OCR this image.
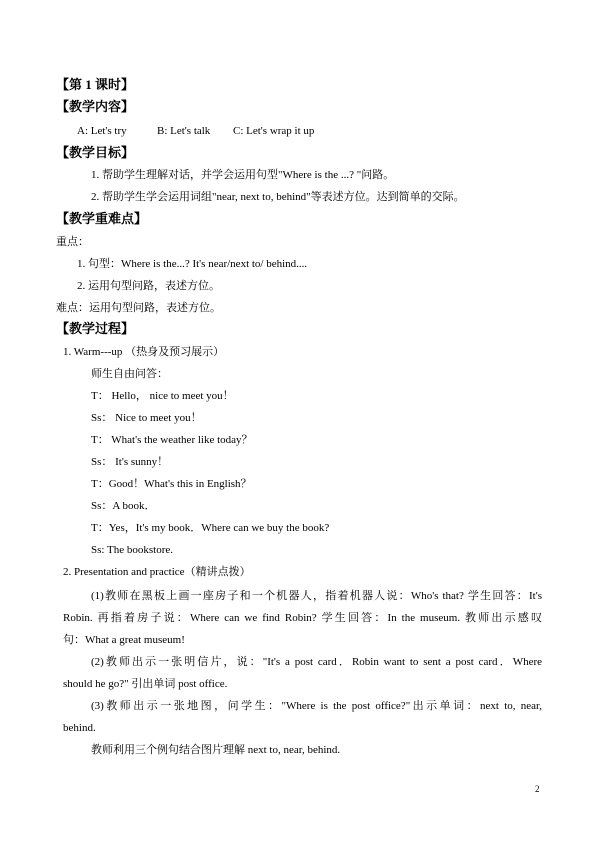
【第 1 课时】
【教学内容】
A: Let's try	B: Let's talk C: Let's wrap it up
【教学目标】
1. 帮助学生理解对话，并学会运用句型"Where is the ...? "问路。
2. 帮助学生学会运用词组"near, next to, behind"等表述方位。达到简单的交际。
【教学重难点】
重点：
1. 句型：Where is the...? It's near/next to/ behind....
2. 运用句型问路，表述方位。
难点：运用句型问路，表述方位。
【教学过程】
1. Warm---up （热身及预习展示）
师生自由问答：
T： Hello， nice to meet you！
Ss： Nice to meet you！
T： What's the weather like today？
Ss： It's sunny！
T：Good！What's this in English？
Ss：A book．
T：Yes，It's my book．Where can we buy the book?
Ss: The bookstore.
2. Presentation and practice（精讲点拨）
(1)教师在黑板上画一座房子和一个机器人，指着机器人说：Who's that? 学生回答：It's
Robin. 再指着房子说：Where can we find Robin? 学生回答：In the museum. 教师出示感叹
句：What a great museum!
(2)教师出示一张明信片，说："It's a post card．Robin want to sent a post card．Where
should he go?" 引出单词 post office.
(3)教师出示一张地图，问学生："Where is the post office?"出示单词：next to, near,
behind.
教师利用三个例句结合图片理解 next to, near, behind.
2
